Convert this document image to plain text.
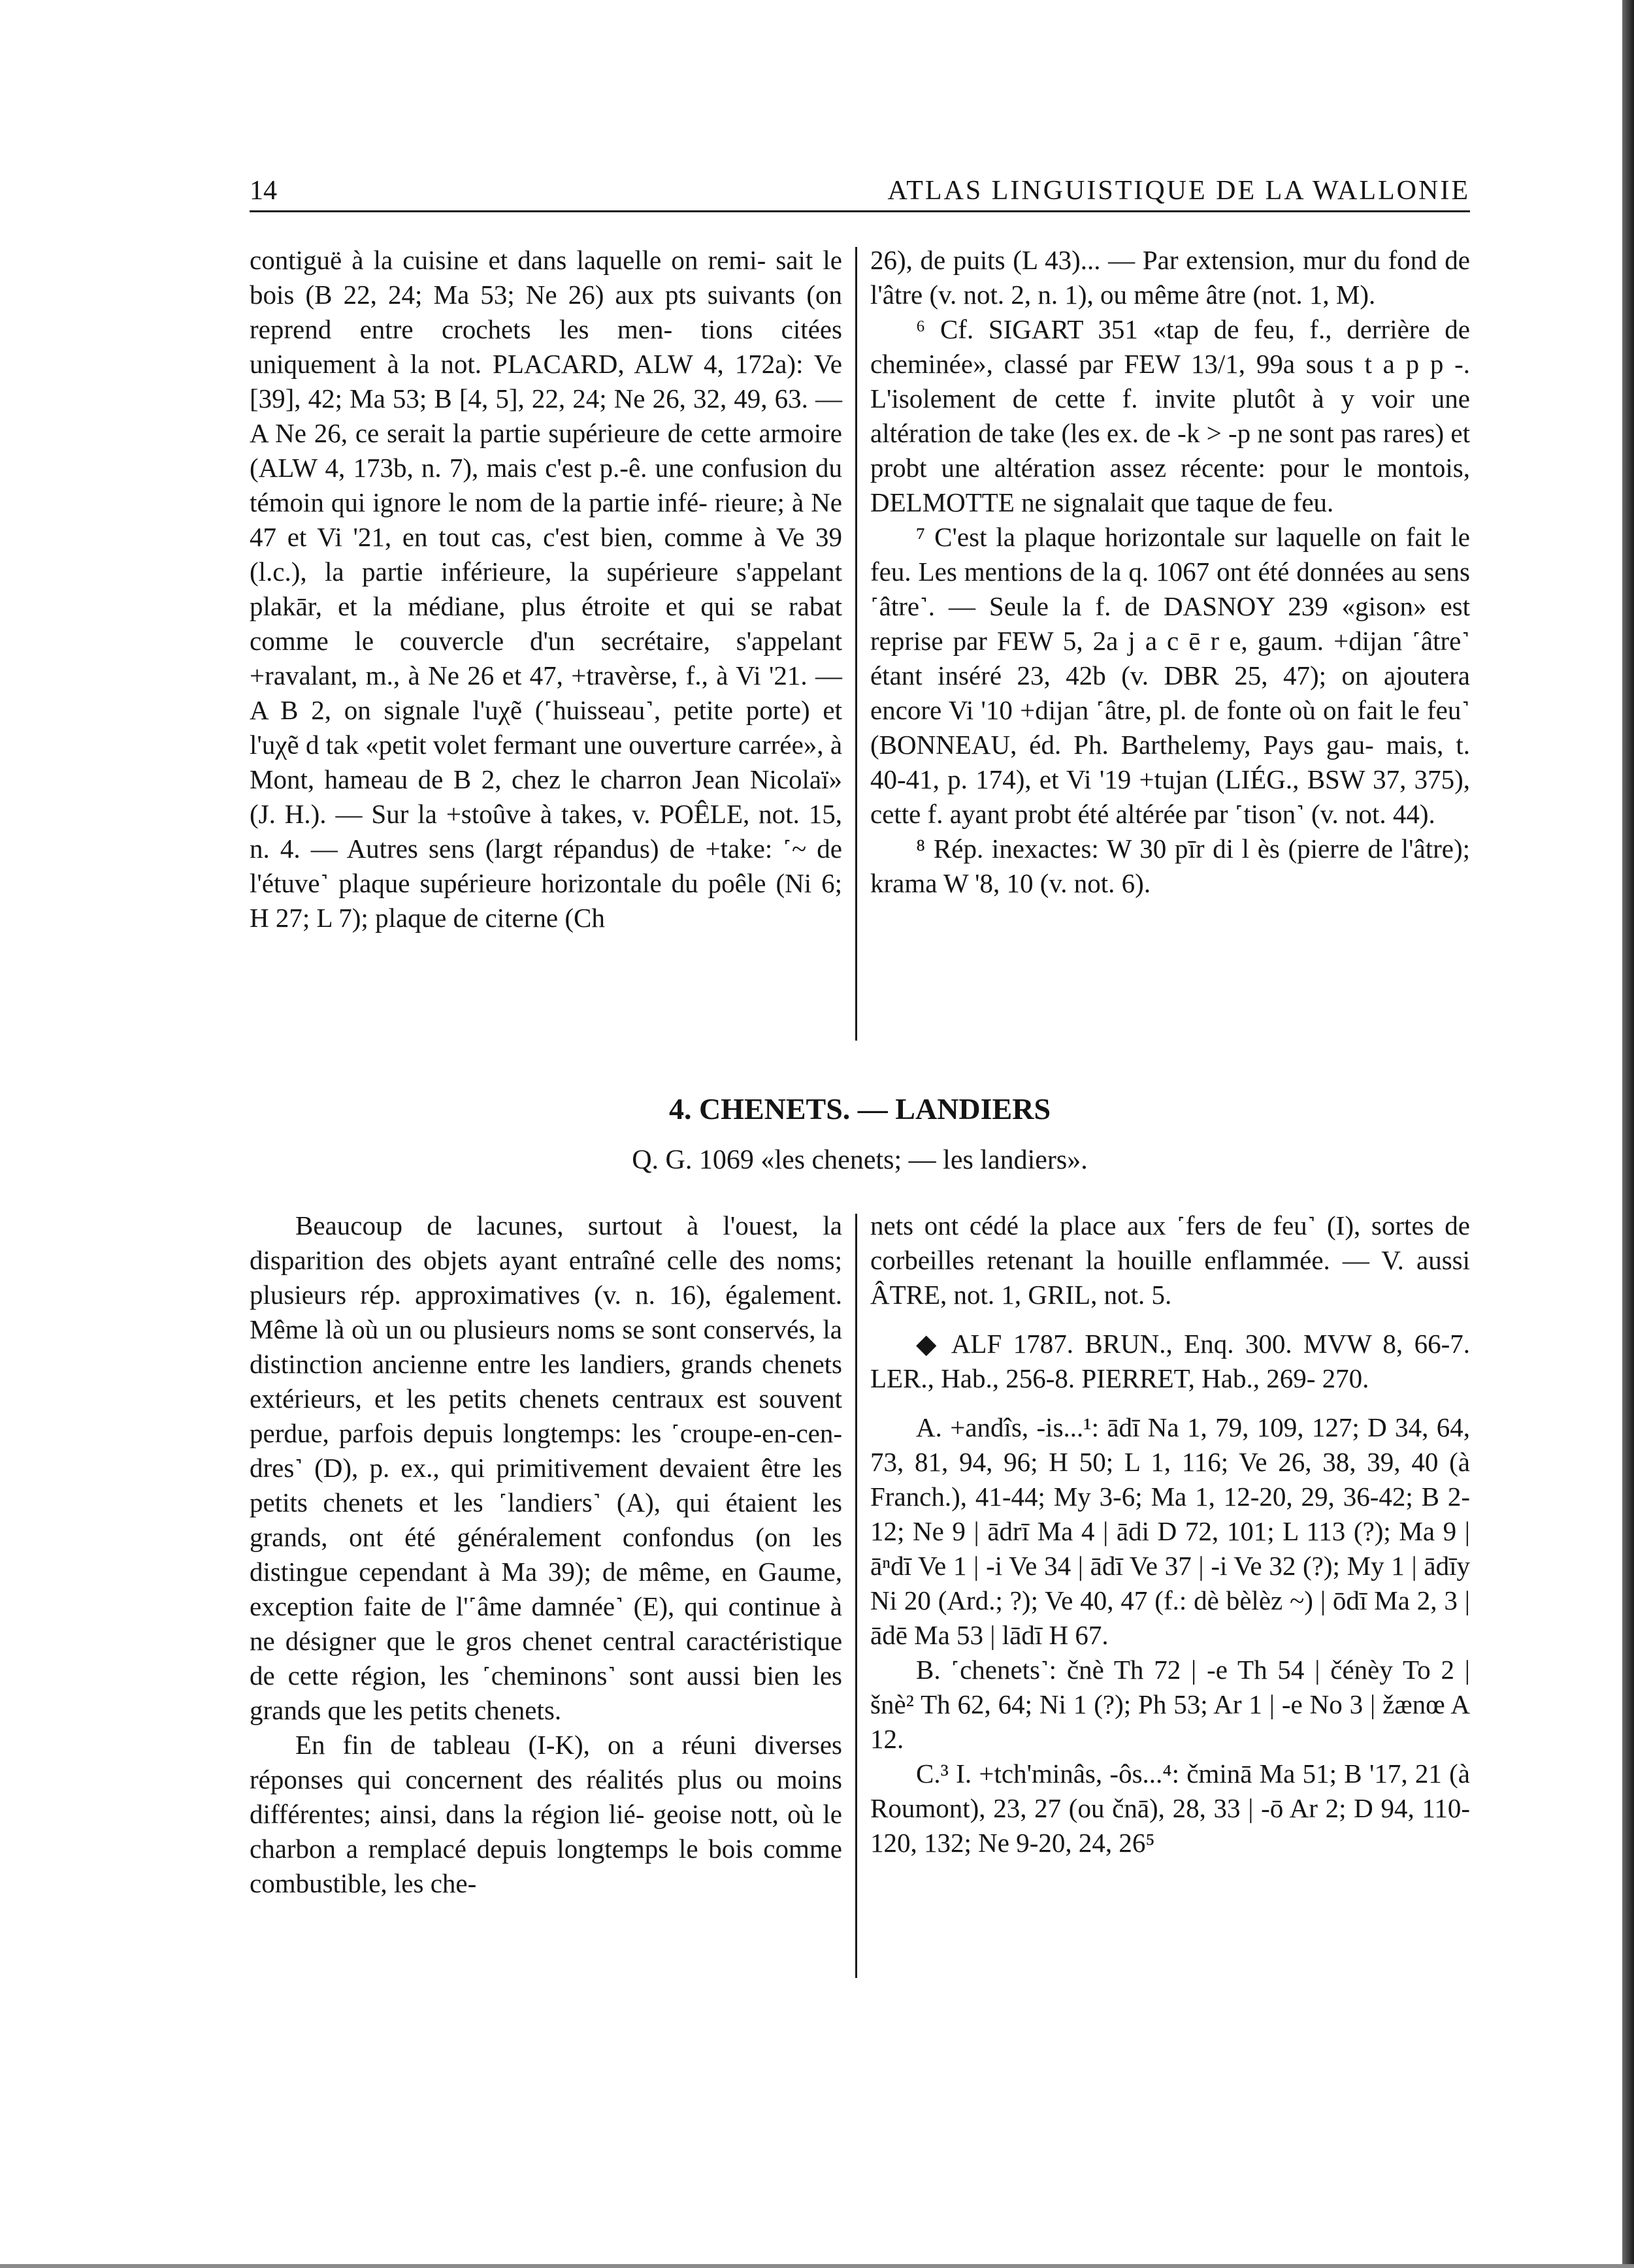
14	ATLAS LINGUISTIQUE DE LA WALLONIE

contiguë à la cuisine et dans laquelle on remi- sait le bois (B 22, 24; Ma 53; Ne 26) aux pts suivants (on reprend entre crochets les men- tions citées uniquement à la not. PLACARD, ALW 4, 172a): Ve [39], 42; Ma 53; B [4, 5], 22, 24; Ne 26, 32, 49, 63. — A Ne 26, ce serait la partie supérieure de cette armoire (ALW 4, 173b, n. 7), mais c'est p.-ê. une confusion du témoin qui ignore le nom de la partie infé- rieure; à Ne 47 et Vi '21, en tout cas, c'est bien, comme à Ve 39 (l.c.), la partie inférieure, la supérieure s'appelant plakār, et la médiane, plus étroite et qui se rabat comme le couvercle d'un secrétaire, s'appelant +ravalant, m., à Ne 26 et 47, +travèrse, f., à Vi '21. — A B 2, on signale l'uχẽ (˹huisseau˺, petite porte) et l'uχẽ d tak «petit volet fermant une ouverture carrée», à Mont, hameau de B 2, chez le charron Jean Nicolaï» (J. H.). — Sur la +stoûve à takes, v. POÊLE, not. 15, n. 4. — Autres sens (largt répandus) de +take: ˹~ de l'étuve˺ plaque supérieure horizontale du poêle (Ni 6; H 27; L 7); plaque de citerne (Ch

26), de puits (L 43)... — Par extension, mur du fond de l'âtre (v. not. 2, n. 1), ou même âtre (not. 1, M).

⁶ Cf. SIGART 351 «tap de feu, f., derrière de cheminée», classé par FEW 13/1, 99a sous t a p p -. L'isolement de cette f. invite plutôt à y voir une altération de take (les ex. de -k > -p ne sont pas rares) et probt une altération assez récente: pour le montois, DELMOTTE ne signalait que taque de feu.

⁷ C'est la plaque horizontale sur laquelle on fait le feu. Les mentions de la q. 1067 ont été données au sens ˹âtre˺. — Seule la f. de DASNOY 239 «gison» est reprise par FEW 5, 2a j a c ē r e, gaum. +dijan ˹âtre˺ étant inséré 23, 42b (v. DBR 25, 47); on ajoutera encore Vi '10 +dijan ˹âtre, pl. de fonte où on fait le feu˺ (BONNEAU, éd. Ph. Barthelemy, Pays gau- mais, t. 40-41, p. 174), et Vi '19 +tujan (LIÉG., BSW 37, 375), cette f. ayant probt été altérée par ˹tison˺ (v. not. 44).

⁸ Rép. inexactes: W 30 pīr di l ès (pierre de l'âtre); krama W '8, 10 (v. not. 6).

4. CHENETS. — LANDIERS
Q. G. 1069 «les chenets; — les landiers».

Beaucoup de lacunes, surtout à l'ouest, la disparition des objets ayant entraîné celle des noms; plusieurs rép. approximatives (v. n. 16), également. Même là où un ou plusieurs noms se sont conservés, la distinction ancienne entre les landiers, grands chenets extérieurs, et les petits chenets centraux est souvent perdue, parfois depuis longtemps: les ˹croupe-en-cen- dres˺ (D), p. ex., qui primitivement devaient être les petits chenets et les ˹landiers˺ (A), qui étaient les grands, ont été généralement confondus (on les distingue cependant à Ma 39); de même, en Gaume, exception faite de l'˹âme damnée˺ (E), qui continue à ne désigner que le gros chenet central caractéristique de cette région, les ˹cheminons˺ sont aussi bien les grands que les petits chenets.

En fin de tableau (I-K), on a réuni diverses réponses qui concernent des réalités plus ou moins différentes; ainsi, dans la région lié- geoise nott, où le charbon a remplacé depuis longtemps le bois comme combustible, les che-

nets ont cédé la place aux ˹fers de feu˺ (I), sortes de corbeilles retenant la houille enflammée. — V. aussi ÂTRE, not. 1, GRIL, not. 5.

◆ ALF 1787. BRUN., Enq. 300. MVW 8, 66-7. LER., Hab., 256-8. PIERRET, Hab., 269- 270.

A. +andîs, -is...¹: ādī Na 1, 79, 109, 127; D 34, 64, 73, 81, 94, 96; H 50; L 1, 116; Ve 26, 38, 39, 40 (à Franch.), 41-44; My 3-6; Ma 1, 12-20, 29, 36-42; B 2-12; Ne 9 | ādrī Ma 4 | ādi D 72, 101; L 113 (?); Ma 9 | āⁿdī Ve 1 | -i Ve 34 | ādī Ve 37 | -i Ve 32 (?); My 1 | ādīy Ni 20 (Ard.; ?); Ve 40, 47 (f.: dè bèlèz ~) | ōdī Ma 2, 3 | ādē Ma 53 | lādī H 67.

B. ˹chenets˺: čnè Th 72 | -e Th 54 | čénèy To 2 | šnè² Th 62, 64; Ni 1 (?); Ph 53; Ar 1 | -e No 3 | žænœ A 12.

C.³ I. +tch'minâs, -ôs...⁴: čminā Ma 51; B '17, 21 (à Roumont), 23, 27 (ou čnā), 28, 33 | -ō Ar 2; D 94, 110-120, 132; Ne 9-20, 24, 26⁵
